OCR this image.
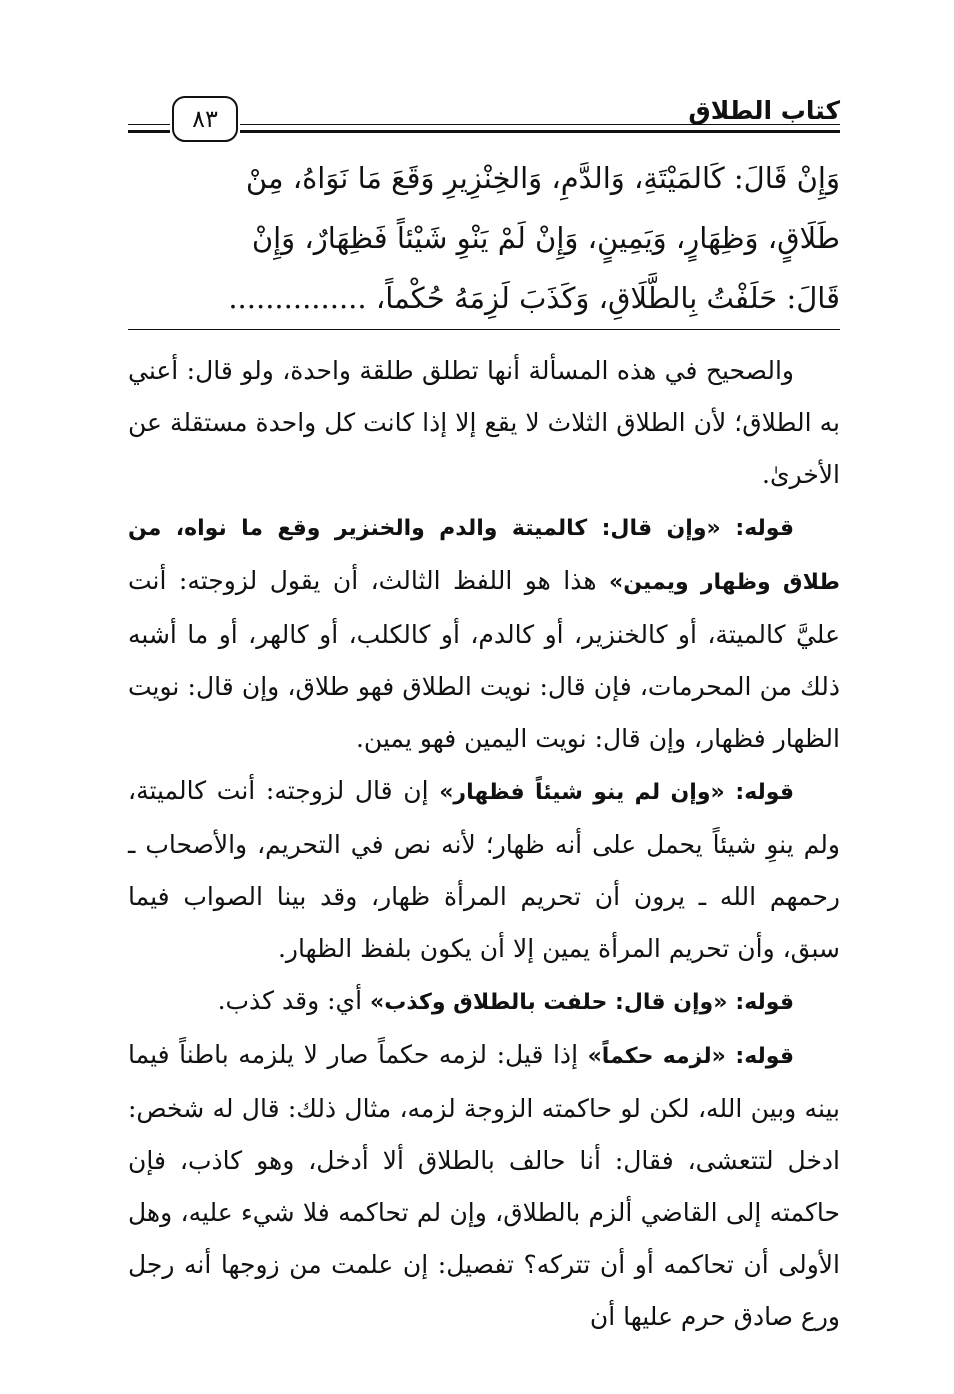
كتاب الطلاق
٨٣
وَإِنْ قَالَ: كَالمَيْتَةِ، وَالدَّمِ، وَالخِنْزِيرِ وَقَعَ مَا نَوَاهُ، مِنْ
طَلَاقٍ، وَظِهَارٍ، وَيَمِينٍ، وَإِنْ لَمْ يَنْوِ شَيْئاً فَظِهَارٌ، وَإِنْ
قَالَ: حَلَفْتُ بِالطَّلَاقِ، وَكَذَبَ لَزِمَهُ حُكْماً، ...............

والصحيح في هذه المسألة أنها تطلق طلقة واحدة، ولو قال: أعني به الطلاق؛ لأن الطلاق الثلاث لا يقع إلا إذا كانت كل واحدة مستقلة عن الأخرىٰ.

قوله: «وإن قال: كالميتة والدم والخنزير وقع ما نواه، من طلاق وظهار ويمين» هذا هو اللفظ الثالث، أن يقول لزوجته: أنت عليَّ كالميتة، أو كالخنزير، أو كالدم، أو كالكلب، أو كالهر، أو ما أشبه ذلك من المحرمات، فإن قال: نويت الطلاق فهو طلاق، وإن قال: نويت الظهار فظهار، وإن قال: نويت اليمين فهو يمين.

قوله: «وإن لم ينو شيئاً فظهار» إن قال لزوجته: أنت كالميتة، ولم ينوِ شيئاً يحمل على أنه ظهار؛ لأنه نص في التحريم، والأصحاب ـ رحمهم الله ـ يرون أن تحريم المرأة ظهار، وقد بينا الصواب فيما سبق، وأن تحريم المرأة يمين إلا أن يكون بلفظ الظهار.

قوله: «وإن قال: حلفت بالطلاق وكذب» أي: وقد كذب.

قوله: «لزمه حكماً» إذا قيل: لزمه حكماً صار لا يلزمه باطناً فيما بينه وبين الله، لكن لو حاكمته الزوجة لزمه، مثال ذلك: قال له شخص: ادخل لتتعشى، فقال: أنا حالف بالطلاق ألا أدخل، وهو كاذب، فإن حاكمته إلى القاضي ألزم بالطلاق، وإن لم تحاكمه فلا شيء عليه، وهل الأولى أن تحاكمه أو أن تتركه؟ تفصيل: إن علمت من زوجها أنه رجل ورع صادق حرم عليها أن
